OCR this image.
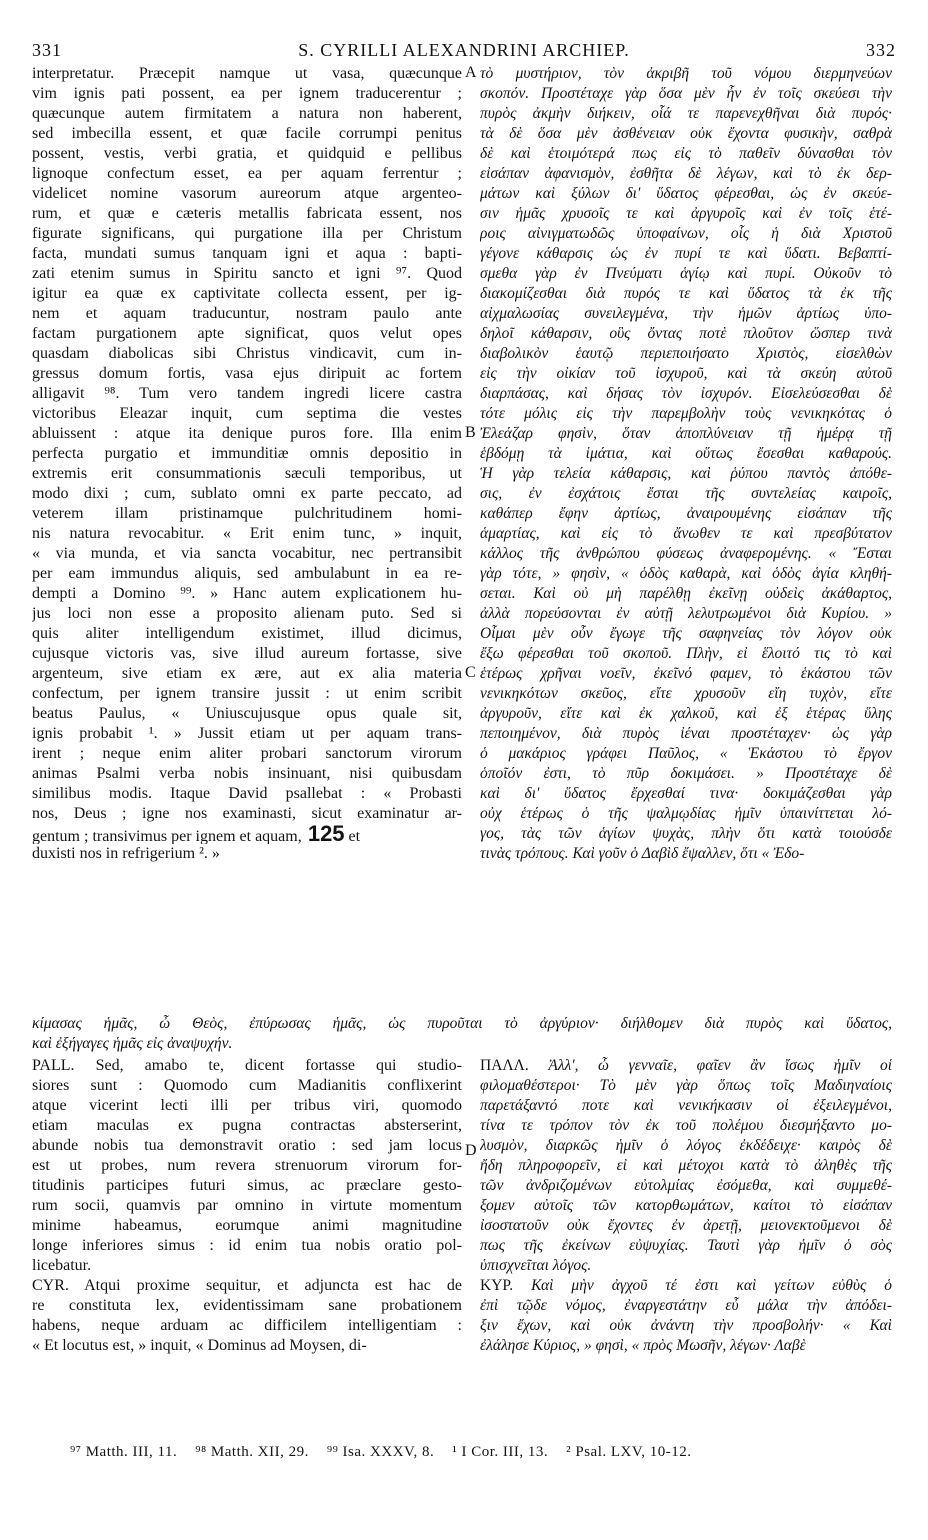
331	S. CYRILLI ALEXANDRINI ARCHIEP.	332
interpretatur. Præcepit namque ut vasa, quæcunque
vim ignis pati possent, ea per ignem traducerentur ;
quæcunque autem firmitatem a natura non haberent,
sed imbecilla essent, et quæ facile corrumpi penitus
possent, vestis, verbi gratia, et quidquid e pellibus
lignoque confectum esset, ea per aquam ferrentur ;
videlicet nomine vasorum aureorum atque argenteo-
rum, et quæ e cæteris metallis fabricata essent, nos
figurate significans, qui purgatione illa per Christum
facta, mundati sumus tanquam igni et aqua : bapti-
zati etenim sumus in Spiritu sancto et igni ⁹⁷. Quod
igitur ea quæ ex captivitate collecta essent, per ig-
nem et aquam traducuntur, nostram paulo ante
factam purgationem apte significat, quos velut opes
quasdam diabolicas sibi Christus vindicavit, cum in-
gressus domum fortis, vasa ejus diripuit ac fortem
alligavit ⁹⁸. Tum vero tandem ingredi licere castra
victoribus Eleazar inquit, cum septima die vestes
abluissent : atque ita denique puros fore. Illa enim
perfecta purgatio et immunditiæ omnis depositio in
extremis erit consummationis sæculi temporibus, ut
modo dixi ; cum, sublato omni ex parte peccato, ad
veterem illam pristinamque pulchritudinem homi-
nis natura revocabitur. « Erit enim tunc, » inquit,
« via munda, et via sancta vocabitur, nec pertransibit
per eam immundus aliquis, sed ambulabunt in ea re-
dempti a Domino ⁹⁹. » Hanc autem explicationem hu-
jus loci non esse a proposito alienam puto. Sed si
quis aliter intelligendum existimet, illud dicimus,
cujusque victoris vas, sive illud aureum fortasse, sive
argenteum, sive etiam ex ære, aut ex alia materia
confectum, per ignem transire jussit : ut enim scribit
beatus Paulus, « Uniuscujusque opus quale sit,
ignis probabit ¹. » Jussit etiam ut per aquam trans-
irent ; neque enim aliter probari sanctorum virorum
animas Psalmi verba nobis insinuant, nisi quibusdam
similibus modis. Itaque David psallebat : « Probasti
nos, Deus ; igne nos examinasti, sicut examinatur ar-
gentum ; transivimus per ignem et aquam, 125 et
duxisti nos in refrigerium ². »
τὸ μυστήριον, τὸν ἀκριβῆ τοῦ νόμου διερμηνεύων
σκοπόν. Προστέταχε γὰρ ὅσα μὲν ἦν ἐν τοῖς σκεύεσι τὴν
πυρὸς ἀκμὴν διήκειν, οἷά τε παρενεχθῆναι διὰ πυρός·
τὰ δὲ ὅσα μὲν ἀσθένειαν οὐκ ἔχοντα φυσικὴν, σαθρὰ
δὲ καὶ ἑτοιμότερά πως εἰς τὸ παθεῖν δύνασθαι τὸν
εἰσάπαν ἀφανισμὸν, ἐσθῆτα δὲ λέγων, καὶ τὸ ἐκ δερ-
μάτων καὶ ξύλων δι' ὕδατος φέρεσθαι, ὡς ἐν σκεύε-
σιν ἡμᾶς χρυσοῖς τε καὶ ἀργυροῖς καὶ ἐν τοῖς ἑτέ-
ροις αἰνιγματωδῶς ὑποφαίνων, οἷς ἡ διὰ Χριστοῦ
γέγονε κάθαρσις ὡς ἐν πυρί τε καὶ ὕδατι. Βεβαπτί-
σμεθα γὰρ ἐν Πνεύματι ἁγίῳ καὶ πυρί. Οὐκοῦν τὸ
διακομίζεσθαι διὰ πυρός τε καὶ ὕδατος τὰ ἐκ τῆς
αἰχμαλωσίας συνειλεγμένα, τὴν ἡμῶν ἀρτίως ὑπο-
δηλοῖ κάθαρσιν, οὓς ὄντας ποτὲ πλοῦτον ὥσπερ τινὰ
διαβολικὸν ἑαυτῷ περιεποιήσατο Χριστὸς, εἰσελθὼν
εἰς τὴν οἰκίαν τοῦ ἰσχυροῦ, καὶ τὰ σκεύη αὐτοῦ
διαρπάσας, καὶ δήσας τὸν ἰσχυρόν. Εἰσελεύσεσθαι δὲ
τότε μόλις εἰς τὴν παρεμβολὴν τοὺς νενικηκότας ὁ
Ἐλεάζαρ φησὶν, ὅταν ἀποπλύνειαν τῇ ἡμέρᾳ τῇ
ἑβδόμῃ τὰ ἱμάτια, καὶ οὕτως ἔσεσθαι καθαρούς.
Ἡ γὰρ τελεία κάθαρσις, καὶ ῥύπου παντὸς ἀπόθε-
σις, ἐν ἐσχάτοις ἔσται τῆς συντελείας καιροῖς,
καθάπερ ἔφην ἀρτίως, ἀναιρουμένης εἰσάπαν τῆς
ἁμαρτίας, καὶ εἰς τὸ ἄνωθεν τε καὶ πρεσβύτατον
κάλλος τῆς ἀνθρώπου φύσεως ἀναφερομένης. « Ἔσται
γὰρ τότε, » φησὶν, « ὁδὸς καθαρὰ, καὶ ὁδὸς ἁγία κληθή-
σεται. Καὶ οὐ μὴ παρέλθῃ ἐκεῖνῃ οὐδεὶς ἀκάθαρτος,
ἀλλὰ πορεύσονται ἐν αὐτῇ λελυτρωμένοι διὰ Κυρίου. »
Οἶμαι μὲν οὖν ἔγωγε τῆς σαφηνείας τὸν λόγον οὐκ
ἔξω φέρεσθαι τοῦ σκοποῦ. Πλὴν, εἰ ἕλοιτό τις τὸ καὶ
ἑτέρως χρῆναι νοεῖν, ἐκεῖνό φαμεν, τὸ ἑκάστου τῶν
νενικηκότων σκεῦος, εἴτε χρυσοῦν εἴη τυχὸν, εἴτε
ἀργυροῦν, εἴτε καὶ ἐκ χαλκοῦ, καὶ ἐξ ἑτέρας ὕλης
πεποιημένον, διὰ πυρὸς ἰέναι προστέταχεν· ὡς γὰρ
ὁ μακάριος γράφει Παῦλος, « Ἑκάστου τὸ ἔργον
ὁποῖόν ἐστι, τὸ πῦρ δοκιμάσει. » Προστέταχε δὲ
καὶ δι' ὕδατος ἔρχεσθαί τινα· δοκιμάζεσθαι γὰρ
οὐχ ἑτέρως ὁ τῆς ψαλμῳδίας ἡμῖν ὑπαινίττεται λό-
γος, τὰς τῶν ἁγίων ψυχὰς, πλὴν ὅτι κατὰ τοιούσδε
τινὰς τρόπους. Καὶ γοῦν ὁ Δαβὶδ ἔψαλλεν, ὅτι « Ἐδο-
A
B
C
D
κίμασας ἡμᾶς, ὦ Θεὸς, ἐπύρωσας ἡμᾶς, ὡς πυροῦται τὸ ἀργύριον· διήλθομεν διὰ πυρὸς καὶ ὕδατος,
καὶ ἐξήγαγες ἡμᾶς εἰς ἀναψυχήν.
PALL. Sed, amabo te, dicent fortasse qui studio-
siores sunt : Quomodo cum Madianitis conflixerint
atque vicerint lecti illi per tribus viri, quomodo
etiam maculas ex pugna contractas absterserint,
abunde nobis tua demonstravit oratio : sed jam locus
est ut probes, num revera strenuorum virorum for-
titudinis participes futuri simus, ac præclare gesto-
rum socii, quamvis par omnino in virtute momentum
minime habeamus, eorumque animi magnitudine
longe inferiores simus : id enim tua nobis oratio pol-
licebatur.
CYR. Atqui proxime sequitur, et adjuncta est hac de
re constituta lex, evidentissimam sane probationem
habens, neque arduam ac difficilem intelligentiam :
« Et locutus est, » inquit, « Dominus ad Moysen, di-
ΠΑΛΛ. Ἀλλ', ὦ γενναῖε, φαῖεν ἂν ἴσως ἡμῖν οἱ
φιλομαθέστεροι· Τὸ μὲν γὰρ ὅπως τοῖς Μαδιηναίοις
παρετάξαντό ποτε καὶ νενικήκασιν οἱ ἐξειλεγμένοι,
τίνα τε τρόπον τὸν ἐκ τοῦ πολέμου διεσμήξαντο μο-
λυσμὸν, διαρκῶς ἡμῖν ὁ λόγος ἐκδέδειχε· καιρὸς δὲ
ἤδη πληροφορεῖν, εἰ καὶ μέτοχοι κατὰ τὸ ἀληθὲς τῆς
τῶν ἀνδριζομένων εὐτολμίας ἐσόμεθα, καὶ συμμεθέ-
ξομεν αὐτοῖς τῶν κατορθωμάτων, καίτοι τὸ εἰσάπαν
ἰσοστατοῦν οὐκ ἔχοντες ἐν ἀρετῇ, μειονεκτοῦμενοι δὲ
πως τῆς ἐκείνων εὐψυχίας. Ταυτὶ γὰρ ἡμῖν ὁ σὸς
ὑπισχνεῖται λόγος.
ΚΥΡ. Καὶ μὴν ἀγχοῦ τέ ἐστι καὶ γείτων εὐθὺς ὁ
ἐπὶ τῷδε νόμος, ἐναργεστάτην εὖ μάλα τὴν ἀπόδει-
ξιν ἔχων, καὶ οὐκ ἀνάντη τὴν προσβολήν· « Καὶ
ἐλάλησε Κύριος, » φησὶ, « πρὸς Μωσῆν, λέγων· Λαβὲ
⁹⁷ Matth. III, 11. ⁹⁸ Matth. XII, 29. ⁹⁹ Isa. XXXV, 8. ¹ I Cor. III, 13. ² Psal. LXV, 10-12.
